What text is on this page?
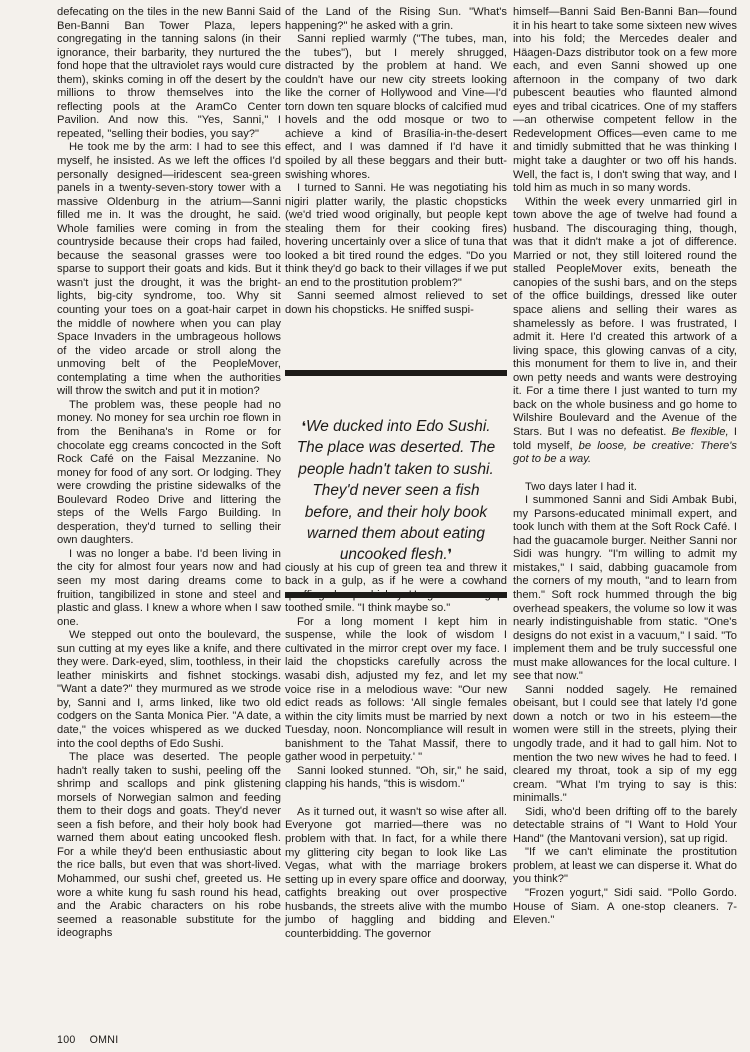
defecating on the tiles in the new Banni Said Ben-Banni Ban Tower Plaza, lepers congregating in the tanning salons (in their ignorance, their barbarity, they nurtured the fond hope that the ultraviolet rays would cure them), skinks coming in off the desert by the millions to throw themselves into the reflecting pools at the AramCo Center Pavilion. And now this. "Yes, Sanni," I repeated, "selling their bodies, you say?"

He took me by the arm: I had to see this myself, he insisted. As we left the offices I'd personally designed—iridescent sea-green panels in a twenty-seven-story tower with a massive Oldenburg in the atrium—Sanni filled me in. It was the drought, he said. Whole families were coming in from the countryside because their crops had failed, because the seasonal grasses were too sparse to support their goats and kids. But it wasn't just the drought, it was the bright-lights, big-city syndrome, too. Why sit counting your toes on a goat-hair carpet in the middle of nowhere when you can play Space Invaders in the umbrageous hollows of the video arcade or stroll along the unmoving belt of the PeopleMover, contemplating a time when the authorities will throw the switch and put it in motion?

The problem was, these people had no money. No money for sea urchin roe flown in from the Benihana's in Rome or for chocolate egg creams concocted in the Soft Rock Café on the Faisal Mezzanine. No money for food of any sort. Or lodging. They were crowding the pristine sidewalks of the Boulevard Rodeo Drive and littering the steps of the Wells Fargo Building. In desperation, they'd turned to selling their own daughters.

I was no longer a babe. I'd been living in the city for almost four years now and had seen my most daring dreams come to fruition, tangibilized in stone and steel and plastic and glass. I knew a whore when I saw one.

We stepped out onto the boulevard, the sun cutting at my eyes like a knife, and there they were. Dark-eyed, slim, toothless, in their leather miniskirts and fishnet stockings. "Want a date?" they murmured as we strode by, Sanni and I, arms linked, like two old codgers on the Santa Monica Pier. "A date, a date," the voices whispered as we ducked into the cool depths of Edo Sushi.

The place was deserted. The people hadn't really taken to sushi, peeling off the shrimp and scallops and pink glistening morsels of Norwegian salmon and feeding them to their dogs and goats. They'd never seen a fish before, and their holy book had warned them about eating uncooked flesh. For a while they'd been enthusiastic about the rice balls, but even that was short-lived. Mohammed, our sushi chef, greeted us. He wore a white kung fu sash round his head, and the Arabic characters on his robe seemed a reasonable substitute for the ideographs

of the Land of the Rising Sun. "What's happening?" he asked with a grin.

Sanni replied warmly ("The tubes, man, the tubes"), but I merely shrugged, distracted by the problem at hand. We couldn't have our new city streets looking like the corner of Hollywood and Vine—I'd torn down ten square blocks of calcified mud hovels and the odd mosque or two to achieve a kind of Brasília-in-the-desert effect, and I was damned if I'd have it spoiled by all these beggars and their butt-swishing whores.

I turned to Sanni. He was negotiating his nigiri platter warily, the plastic chopsticks (we'd tried wood originally, but people kept stealing them for their cooking fires) hovering uncertainly over a slice of tuna that looked a bit tired round the edges. "Do you think they'd go back to their villages if we put an end to the prostitution problem?"

Sanni seemed almost relieved to set down his chopsticks. He sniffed suspi-

ciously at his cup of green tea and threw it back in a gulp, as if he were a cowhand toothed smile. "I think maybe so."

For a long moment I kept him in suspense, while the look of wisdom I cultivated in the mirror crept over my face. I laid the chopsticks carefully across the wasabi dish, adjusted my fez, and let my voice rise in a melodious wave: "Our new edict reads as follows: 'All single females within the city limits must be married by next Tuesday, noon. Noncompliance will result in banishment to the Tahat Massif, there to gather wood in perpetuity.' "

Sanni looked stunned. "Oh, sir," he said, clapping his hands, "this is wisdom."

As it turned out, it wasn't so wise after all. Everyone got married—there was no problem with that. In fact, for a while there my glittering city began to look like Las Vegas, what with the marriage brokers setting up in every spare office and doorway, catfights breaking out over prospective husbands, the streets alive with the mumbo jumbo of haggling and bidding and counterbidding. The governor

❛We ducked into Edo Sushi. The place was deserted. The people hadn't taken to sushi. They'd never seen a fish before, and their holy book warned them about eating uncooked flesh.❜

himself—Banni Said Ben-Banni Ban—found it in his heart to take some sixteen new wives into his fold; the Mercedes dealer and Häagen-Dazs distributor took on a few more each, and even Sanni showed up one afternoon in the company of two dark pubescent beauties who flaunted almond eyes and tribal cicatrices. One of my staffers—an otherwise competent fellow in the Redevelopment Offices—even came to me and timidly submitted that he was thinking I might take a daughter or two off his hands. Well, the fact is, I don't swing that way, and I told him as much in so many words.

Within the week every unmarried girl in town above the age of twelve had found a husband. The discouraging thing, though, was that it didn't make a jot of difference. Married or not, they still loitered round the stalled PeopleMover exits, beneath the canopies of the sushi bars, and on the steps of the office buildings, dressed like outer space aliens and selling their wares as shamelessly as before. I was frustrated, I admit it. Here I'd created this artwork of a living space, this glowing canvas of a city, this monument for them to live in, and their own petty needs and wants were destroying it. For a time there I just wanted to turn my back on the whole business and go home to Wilshire Boulevard and the Avenue of the Stars. But I was no defeatist. Be flexible, I told myself, be loose, be creative: There's got to be a way.

Two days later I had it.

I summoned Sanni and Sidi Ambak Bubi, my Parsons-educated minimall expert, and took lunch with them at the Soft Rock Café. I had the guacamole burger. Neither Sanni nor Sidi was hungry. "I'm willing to admit my mistakes," I said, dabbing guacamole from the corners of my mouth, "and to learn from them." Soft rock hummed through the big overhead speakers, the volume so low it was nearly indistinguishable from static. "One's designs do not exist in a vacuum," I said. "To implement them and be truly successful one must make allowances for the local culture. I see that now."

Sanni nodded sagely. He remained obeisant, but I could see that lately I'd gone down a notch or two in his esteem—the women were still in the streets, plying their ungodly trade, and it had to gall him. Not to mention the two new wives he had to feed. I cleared my throat, took a sip of my egg cream. "What I'm trying to say is this: minimalls."

Sidi, who'd been drifting off to the barely detectable strains of "I Want to Hold Your Hand" (the Mantovani version), sat up rigid.

"If we can't eliminate the prostitution problem, at least we can disperse it. What do you think?"

"Frozen yogurt," Sidi said. "Pollo Gordo. House of Siam. A one-stop cleaners. 7-Eleven."

100 OMNI
